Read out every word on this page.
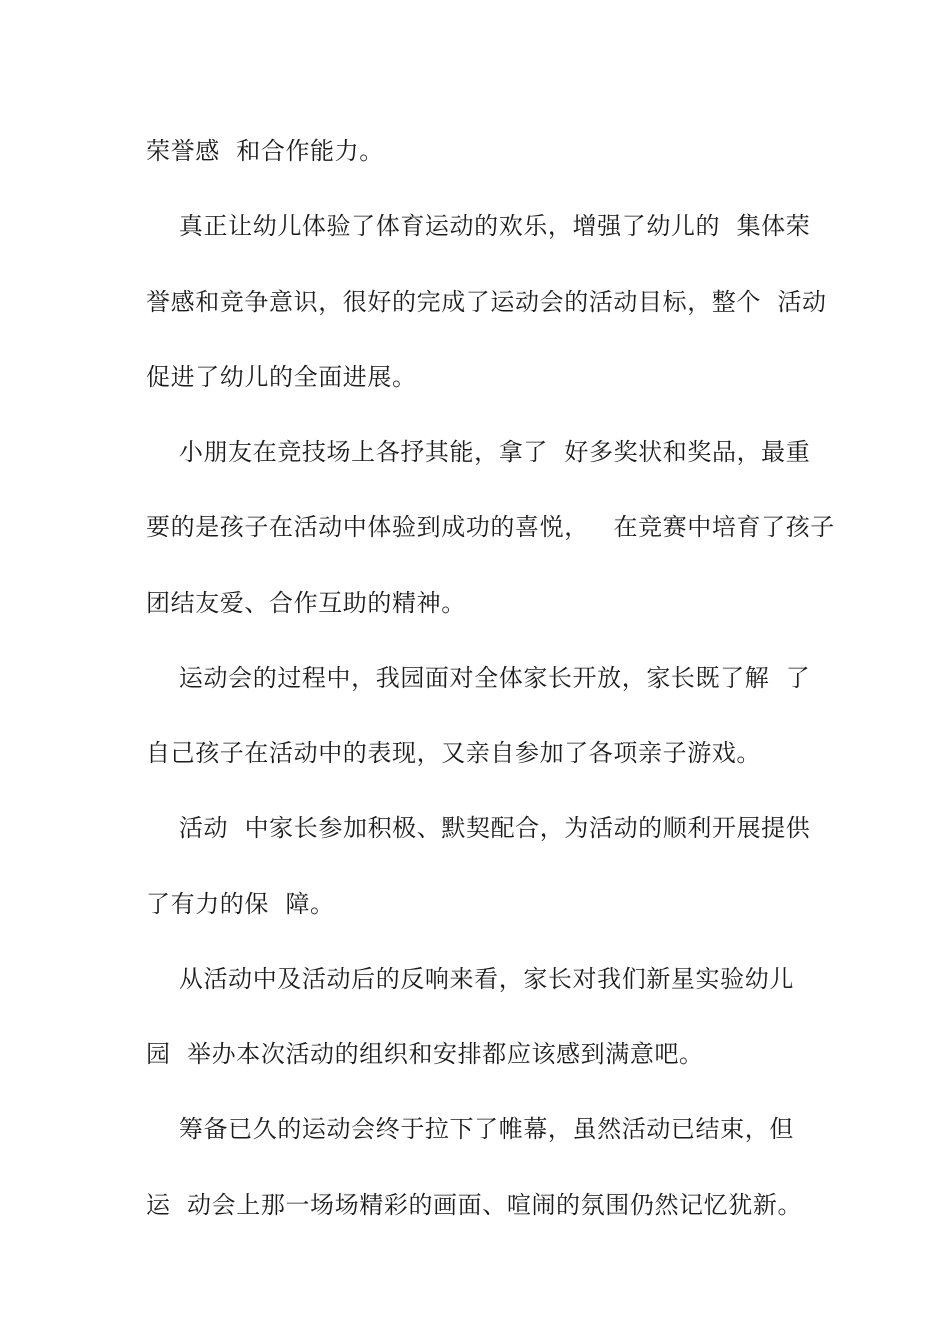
荣誉感  和合作能力。
真正让幼儿体验了体育运动的欢乐，增强了幼儿的  集体荣
誉感和竞争意识，很好的完成了运动会的活动目标，整个  活动
促进了幼儿的全面进展。
小朋友在竞技场上各抒其能，拿了  好多奖状和奖品，最重
要的是孩子在活动中体验到成功的喜悦，   在竞赛中培育了孩子
团结友爱、合作互助的精神。
运动会的过程中，我园面对全体家长开放，家长既了解  了
自己孩子在活动中的表现，又亲自参加了各项亲子游戏。
活动  中家长参加积极、默契配合，为活动的顺利开展提供
了有力的保  障。
从活动中及活动后的反响来看，家长对我们新星实验幼儿
园  举办本次活动的组织和安排都应该感到满意吧。
筹备已久的运动会终于拉下了帷幕，虽然活动已结束，但
运  动会上那一场场精彩的画面、喧闹的氛围仍然记忆犹新。
